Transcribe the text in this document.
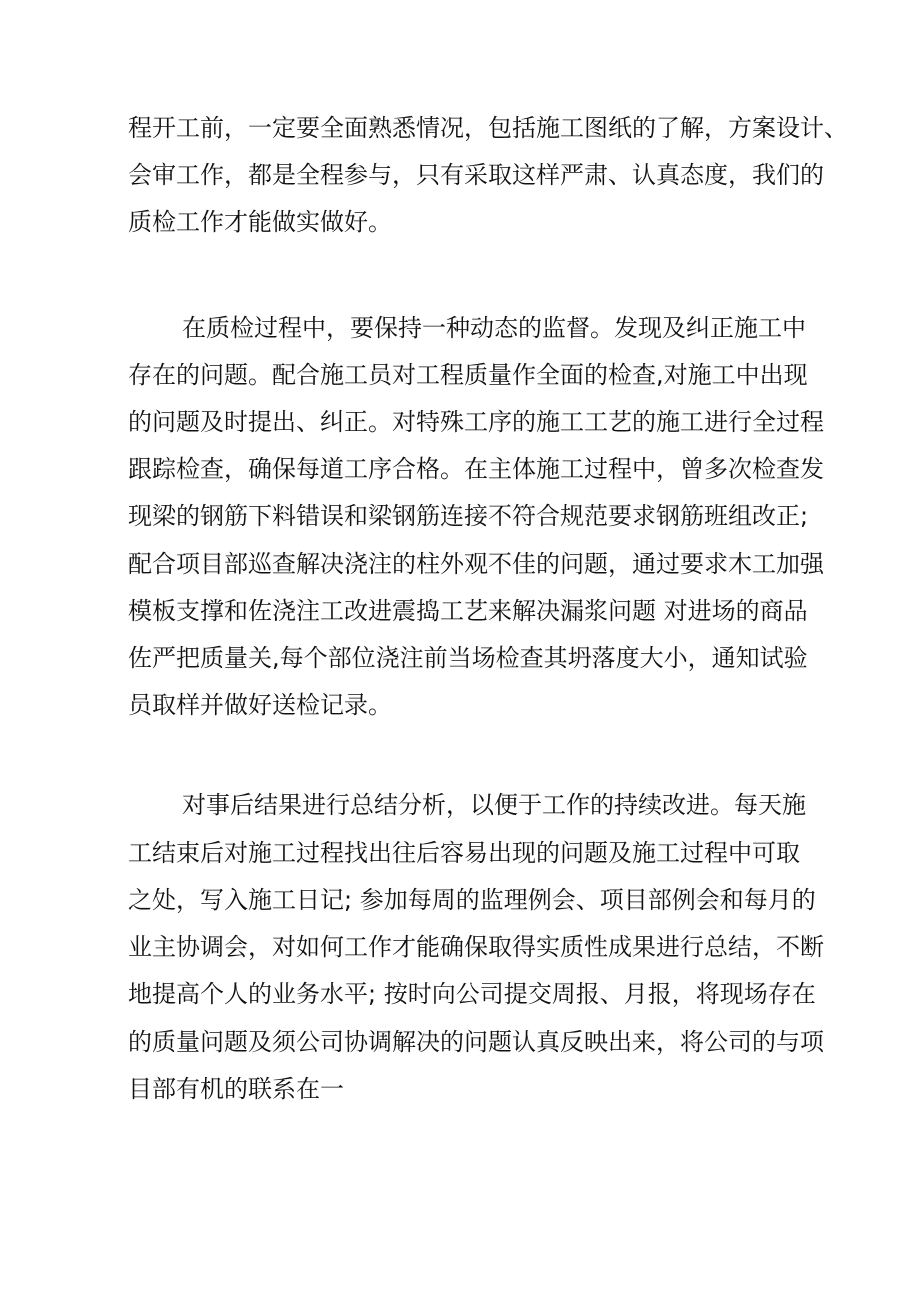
程开工前，一定要全面熟悉情况，包括施工图纸的了解，方案设计、
会审工作，都是全程参与，只有采取这样严肃、认真态度，我们的
质检工作才能做实做好。
在质检过程中，要保持一种动态的监督。发现及纠正施工中
存在的问题。配合施工员对工程质量作全面的检查,对施工中出现
的问题及时提出、纠正。对特殊工序的施工工艺的施工进行全过程
跟踪检查，确保每道工序合格。在主体施工过程中，曾多次检查发
现梁的钢筋下料错误和梁钢筋连接不符合规范要求钢筋班组改正;
配合项目部巡查解决浇注的柱外观不佳的问题，通过要求木工加强
模板支撑和佐浇注工改进震捣工艺来解决漏浆问题 对进场的商品
佐严把质量关,每个部位浇注前当场检查其坍落度大小，通知试验
员取样并做好送检记录。
对事后结果进行总结分析，以便于工作的持续改进。每天施
工结束后对施工过程找出往后容易出现的问题及施工过程中可取
之处，写入施工日记; 参加每周的监理例会、项目部例会和每月的
业主协调会，对如何工作才能确保取得实质性成果进行总结，不断
地提高个人的业务水平; 按时向公司提交周报、月报，将现场存在
的质量问题及须公司协调解决的问题认真反映出来，将公司的与项
目部有机的联系在一
